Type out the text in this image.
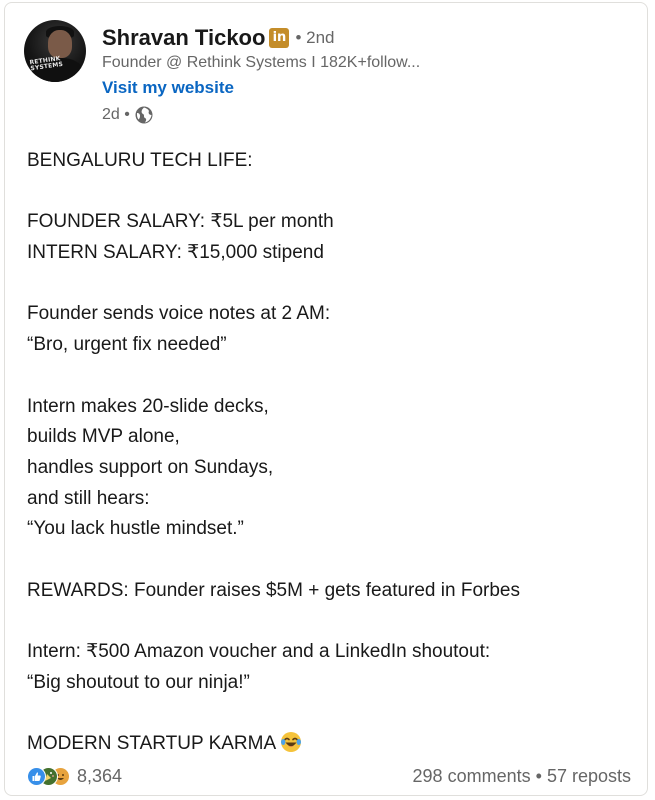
RETHINK SYSTEMS
Shravan Tickoo in • 2nd
Founder @ Rethink Systems I 182K+follow...
Visit my website
2d •
BENGALURU TECH LIFE:
FOUNDER SALARY: ₹5L per month
INTERN SALARY: ₹15,000 stipend
Founder sends voice notes at 2 AM:
“Bro, urgent fix needed”
Intern makes 20-slide decks,
builds MVP alone,
handles support on Sundays,
and still hears:
“You lack hustle mindset.”
REWARDS: Founder raises $5M + gets featured in Forbes
Intern: ₹500 Amazon voucher and a LinkedIn shoutout:
“Big shoutout to our ninja!”
MODERN STARTUP KARMA
8,364	298 comments • 57 reposts
